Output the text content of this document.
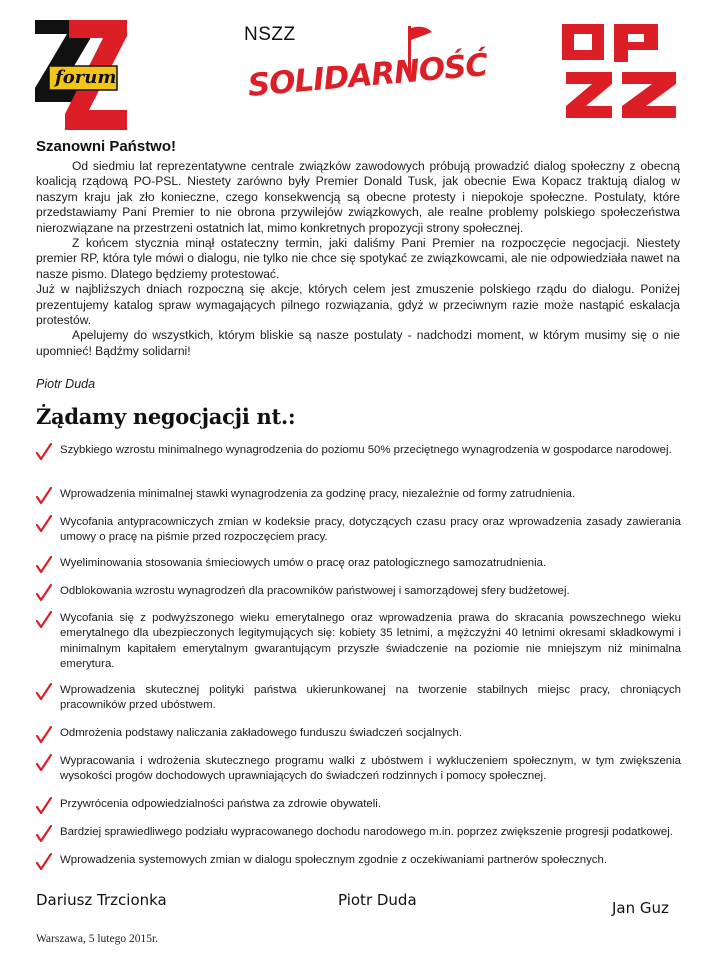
forum
NSZZ
SOLIDARNOŚĆ
Szanowni Państwo!

Od siedmiu lat reprezentatywne centrale związków zawodowych próbują prowadzić dialog społeczny z obecną koalicją rządową PO-PSL. Niestety zarówno były Premier Donald Tusk, jak obecnie Ewa Kopacz traktują dialog w naszym kraju jak zło konieczne, czego konsekwencją są obecne protesty i niepokoje społeczne. Postulaty, które przedstawiamy Pani Premier to nie obrona przywilejów związkowych, ale realne problemy polskiego społeczeństwa nierozwiązane na przestrzeni ostatnich lat, mimo konkretnych propozycji strony społecznej.

Z końcem stycznia minął ostateczny termin, jaki daliśmy Pani Premier na rozpoczęcie negocjacji. Niestety premier RP, która tyle mówi o dialogu, nie tylko nie chce się spotykać ze związkowcami, ale nie odpowiedziała nawet na nasze pismo. Dlatego będziemy protestować.

Już w najbliższych dniach rozpoczną się akcje, których celem jest zmuszenie polskiego rządu do dialogu. Poniżej prezentujemy katalog spraw wymagających pilnego rozwiązania, gdyż w przeciwnym razie może nastąpić eskalacja protestów.

Apelujemy do wszystkich, którym bliskie są nasze postulaty - nadchodzi moment, w którym musimy się o nie upomnieć! Bądźmy solidarni!

Piotr Duda
Żądamy negocjacji nt.:
Szybkiego wzrostu minimalnego wynagrodzenia do poziomu 50% przeciętnego wynagrodzenia w gospodarce narodowej.
Wprowadzenia minimalnej stawki wynagrodzenia za godzinę pracy, niezależnie od formy zatrudnienia.
Wycofania antypracowniczych zmian w kodeksie pracy, dotyczących czasu pracy oraz wprowadzenia zasady zawierania umowy o pracę na piśmie przed rozpoczęciem pracy.
Wyeliminowania stosowania śmieciowych umów o pracę oraz patologicznego samozatrudnienia.
Odblokowania wzrostu wynagrodzeń dla pracowników państwowej i samorządowej sfery budżetowej.
Wycofania się z podwyższonego wieku emerytalnego oraz wprowadzenia prawa do skracania powszechnego wieku emerytalnego dla ubezpieczonych legitymujących się: kobiety 35 letnimi, a mężczyźni 40 letnimi okresami składkowymi i minimalnym kapitałem emerytalnym gwarantującym przyszłe świadczenie na poziomie nie mniejszym niż minimalna emerytura.
Wprowadzenia skutecznej polityki państwa ukierunkowanej na tworzenie stabilnych miejsc pracy, chroniących pracowników przed ubóstwem.
Odmrożenia podstawy naliczania zakładowego funduszu świadczeń socjalnych.
Wypracowania i wdrożenia skutecznego programu walki z ubóstwem i wykluczeniem społecznym, w tym zwiększenia wysokości progów dochodowych uprawniających do świadczeń rodzinnych i pomocy społecznej.
Przywrócenia odpowiedzialności państwa za zdrowie obywateli.
Bardziej sprawiedliwego podziału wypracowanego dochodu narodowego m.in. poprzez zwiększenie progresji podatkowej.
Wprowadzenia systemowych zmian w dialogu społecznym zgodnie z oczekiwaniami partnerów społecznych.
Dariusz Trzcionka	Piotr Duda	Jan Guz
Warszawa, 5 lutego 2015r.
